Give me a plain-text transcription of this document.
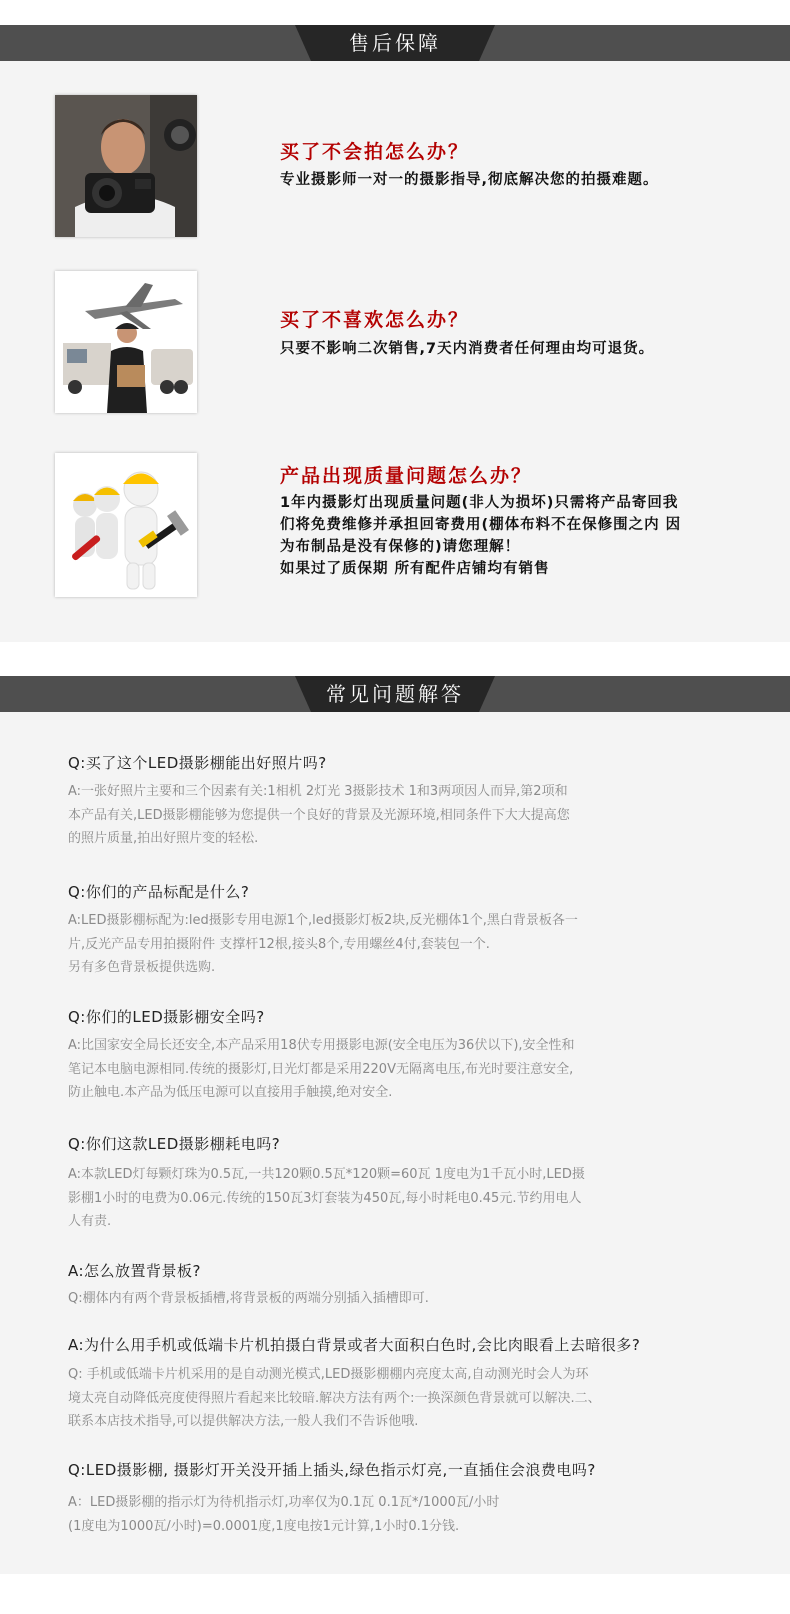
售后保障
买了不会拍怎么办？
专业摄影师一对一的摄影指导,彻底解决您的拍摄难题。
买了不喜欢怎么办？
只要不影响二次销售,7天内消费者任何理由均可退货。
产品出现质量问题怎么办？
1年内摄影灯出现质量问题(非人为损坏)只需将产品寄回我
们将免费维修并承担回寄费用(棚体布料不在保修围之内 因
为布制品是没有保修的)请您理解！
如果过了质保期 所有配件店铺均有销售
常见问题解答
Q:买了这个LED摄影棚能出好照片吗?
A:一张好照片主要和三个因素有关:1相机 2灯光 3摄影技术 1和3两项因人而异,第2项和
本产品有关,LED摄影棚能够为您提供一个良好的背景及光源环境,相同条件下大大提高您
的照片质量,拍出好照片变的轻松.
Q:你们的产品标配是什么?
A:LED摄影棚标配为:led摄影专用电源1个,led摄影灯板2块,反光棚体1个,黑白背景板各一
片,反光产品专用拍摄附件 支撑杆12根,接头8个,专用螺丝4付,套装包一个.
另有多色背景板提供选购.
Q:你们的LED摄影棚安全吗?
A:比国家安全局长还安全,本产品采用18伏专用摄影电源(安全电压为36伏以下),安全性和
笔记本电脑电源相同.传统的摄影灯,日光灯都是采用220V无隔离电压,布光时要注意安全,
防止触电.本产品为低压电源可以直接用手触摸,绝对安全.
Q:你们这款LED摄影棚耗电吗?
A:本款LED灯每颗灯珠为0.5瓦,一共120颗0.5瓦*120颗=60瓦 1度电为1千瓦小时,LED摄
影棚1小时的电费为0.06元.传统的150瓦3灯套装为450瓦,每小时耗电0.45元.节约用电人
人有责.
A:怎么放置背景板?
Q:棚体内有两个背景板插槽,将背景板的两端分别插入插槽即可.
A:为什么用手机或低端卡片机拍摄白背景或者大面积白色时,会比肉眼看上去暗很多?
Q: 手机或低端卡片机采用的是自动测光模式,LED摄影棚棚内亮度太高,自动测光时会人为环
境太亮自动降低亮度使得照片看起来比较暗.解决方法有两个:一换深颜色背景就可以解决.二、
联系本店技术指导,可以提供解决方法,一般人我们不告诉他哦.
Q:LED摄影棚, 摄影灯开关没开插上插头,绿色指示灯亮,一直插住会浪费电吗?
A：LED摄影棚的指示灯为待机指示灯,功率仅为0.1瓦 0.1瓦*/1000瓦/小时
(1度电为1000瓦/小时)=0.0001度,1度电按1元计算,1小时0.1分钱.
